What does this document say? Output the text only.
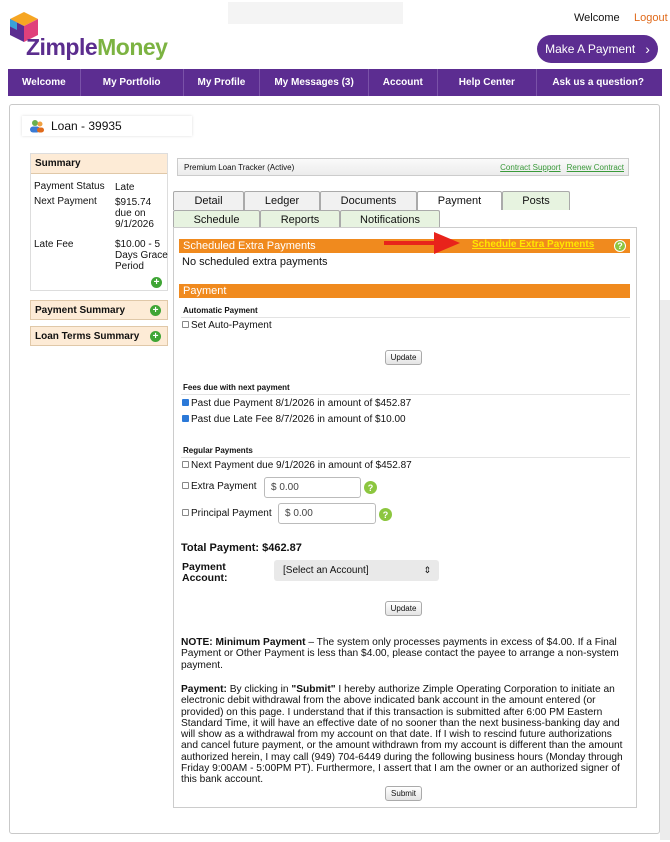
ZimpleMoney
Welcome Logout
Make A Payment ›
Welcome	My Portfolio	My Profile	My Messages (3)	Account	Help Center	Ask us a question?
Loan - 39935
Summary
Payment Status Late
Next Payment $915.74
due on
9/1/2026
Late Fee	$10.00 - 5
Days Grace
Period
+
Payment Summary	+
Loan Terms Summary +
Premium Loan Tracker (Active)	Contract Support Renew Contract
Detail	Ledger	Documents	Payment	Posts
Schedule	Reports	Notifications
Scheduled Extra Payments	Schedule Extra Payments	?
No scheduled extra payments
Payment
Automatic Payment
Set Auto-Payment
Update
Fees due with next payment
Past due Payment 8/1/2026 in amount of $452.87
Past due Late Fee 8/7/2026 in amount of $10.00
Regular Payments
Next Payment due 9/1/2026 in amount of $452.87
Extra Payment	$ 0.00	?
Principal Payment	$ 0.00	?
Total Payment: $462.87
Payment
Account:
[Select an Account]	⇕
Update
NOTE: Minimum Payment – The system only processes payments in excess of $4.00. If a Final Payment or Other Payment is less than $4.00, please contact the payee to arrange a non-system payment.
Payment: By clicking in "Submit" I hereby authorize Zimple Operating Corporation to initiate an electronic debit withdrawal from the above indicated bank account in the amount entered (or provided) on this page. I understand that if this transaction is submitted after 6:00 PM Eastern Standard Time, it will have an effective date of no sooner than the next business-banking day and will show as a withdrawal from my account on that date. If I wish to rescind future authorizations and cancel future payment, or the amount withdrawn from my account is different than the amount authorized herein, I may call (949) 704-6449 during the following business hours (Monday through Friday 9:00AM - 5:00PM PT). Furthermore, I assert that I am the owner or an authorized signer of this bank account.
Submit
